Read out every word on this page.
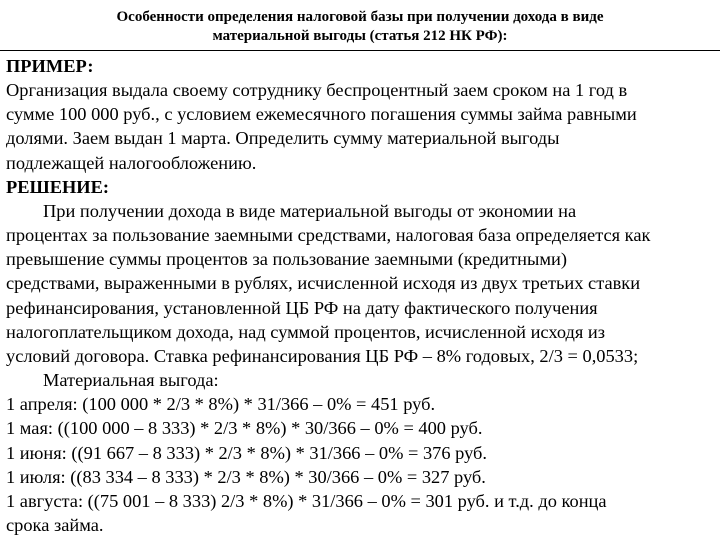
Особенности определения налоговой базы при получении дохода в виде
материальной выгоды (статья 212 НК РФ):
ПРИМЕР:
Организация выдала своему сотруднику беспроцентный заем сроком на 1 год в
сумме 100 000 руб., с условием ежемесячного погашения суммы займа равными
долями. Заем выдан 1 марта. Определить сумму материальной выгоды
подлежащей налогообложению.
РЕШЕНИЕ:
При получении дохода в виде материальной выгоды от экономии на
процентах за пользование заемными средствами, налоговая база определяется как
превышение суммы процентов за пользование заемными (кредитными)
средствами, выраженными в рублях, исчисленной исходя из двух третьих ставки
рефинансирования, установленной ЦБ РФ на дату фактического получения
налогоплательщиком дохода, над суммой процентов, исчисленной исходя из
условий договора. Ставка рефинансирования ЦБ РФ – 8% годовых, 2/3 = 0,0533;
Материальная выгода:
1 апреля: (100 000 * 2/3 * 8%) * 31/366 – 0% = 451 руб.
1 мая: ((100 000 – 8 333) * 2/3 * 8%) * 30/366 – 0% = 400 руб.
1 июня: ((91 667 – 8 333) * 2/3 * 8%) * 31/366 – 0% = 376 руб.
1 июля: ((83 334 – 8 333) * 2/3 * 8%) * 30/366 – 0% = 327 руб.
1 августа: ((75 001 – 8 333) 2/3 * 8%) * 31/366 – 0% = 301 руб. и т.д. до конца
срока займа.
